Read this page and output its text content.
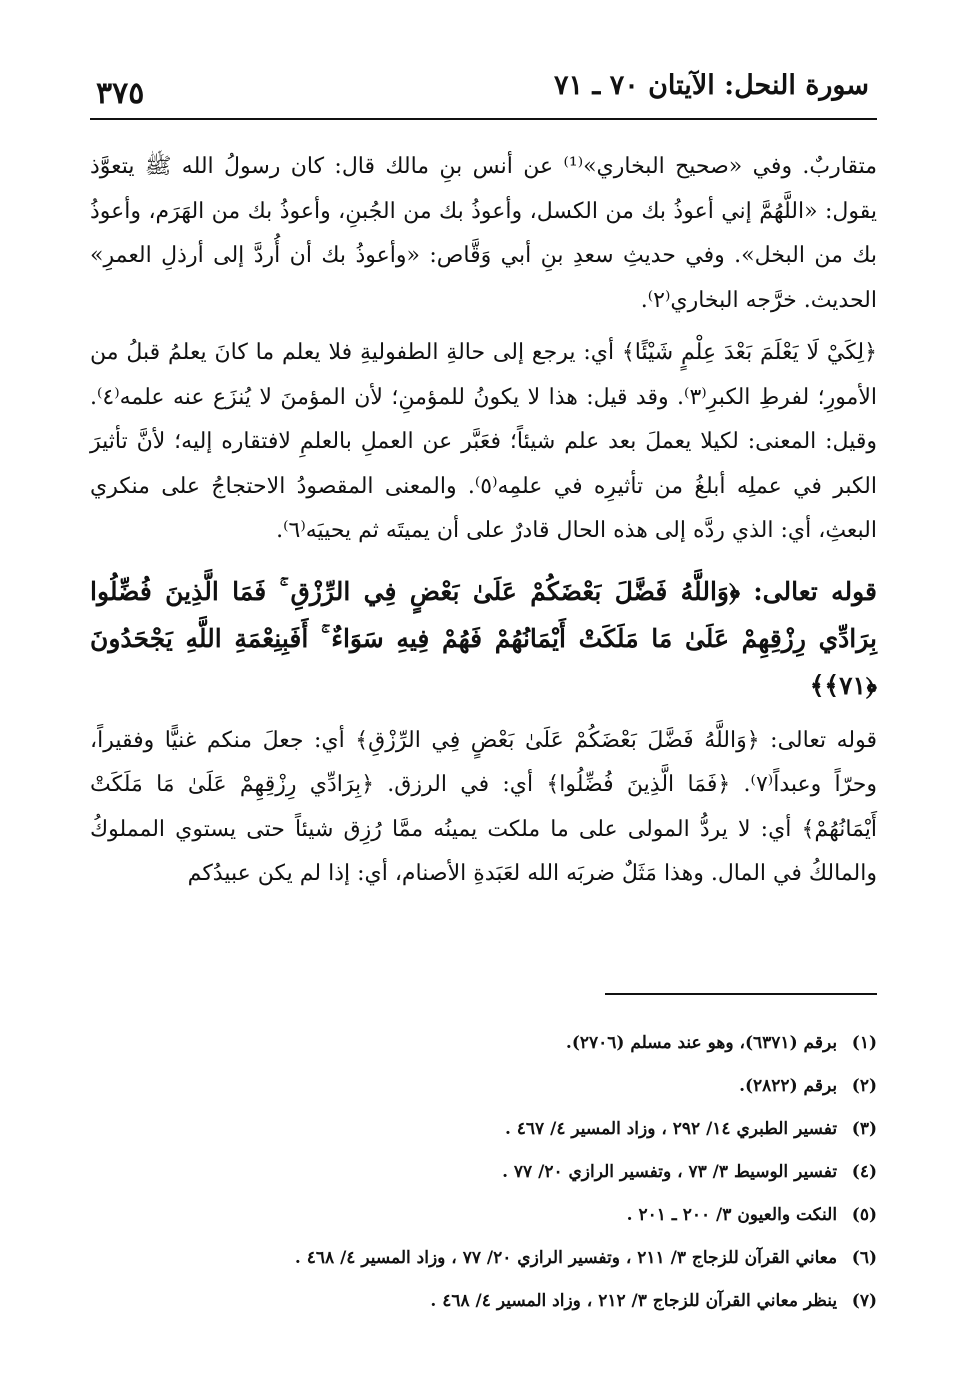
سورة النحل: الآيتان ٧٠ ـ ٧١
٣٧٥

متقاربٌ. وفي «صحيح البخاري»⁽¹⁾ عن أنس بنِ مالك قال: كان رسولُ الله ﷺ يتعوَّذ يقول: «اللَّهُمَّ إني أعوذُ بك من الكسل، وأعوذُ بك من الجُبنِ، وأعوذُ بك من الهَرَم، وأعوذُ بك من البخل». وفي حديثِ سعدِ بنِ أبي وَقَّاص: «وأعوذُ بك أن أُردَّ إلى أرذلِ العمرِ» الحديث. خرَّجه البخاري⁽٢⁾.

﴿لِكَيْ لَا يَعْلَمَ بَعْدَ عِلْمٍ شَيْئًا﴾ أي: يرجع إلى حالةِ الطفوليةِ فلا يعلم ما كانَ يعلمُ قبلُ من الأمورِ؛ لفرطِ الكبرِ⁽٣⁾. وقد قيل: هذا لا يكونُ للمؤمنِ؛ لأن المؤمنَ لا يُنزَع عنه علمه⁽٤⁾. وقيل: المعنى: لكيلا يعملَ بعد علم شيئاً؛ فعَبَّر عن العملِ بالعلمِ لافتقاره إليه؛ لأنَّ تأثيرَ الكبر في عملِه أبلغُ من تأثيرِه في علمِه⁽٥⁾. والمعنى المقصودُ الاحتجاجُ على منكري البعثِ، أي: الذي ردَّه إلى هذه الحال قادرٌ على أن يميتَه ثم يحييَه⁽٦⁾.

قوله تعالى: ﴿وَاللَّهُ فَضَّلَ بَعْضَكُمْ عَلَىٰ بَعْضٍ فِي الرِّزْقِ ۚ فَمَا الَّذِينَ فُضِّلُوا بِرَادِّي رِزْقِهِمْ عَلَىٰ مَا مَلَكَتْ أَيْمَانُهُمْ فَهُمْ فِيهِ سَوَاءٌ ۚ أَفَبِنِعْمَةِ اللَّهِ يَجْحَدُونَ ﴿٧١﴾﴾

قوله تعالى: ﴿وَاللَّهُ فَضَّلَ بَعْضَكُمْ عَلَىٰ بَعْضٍ فِي الرِّزْقِ﴾ أي: جعلَ منكم غنيًّا وفقيراً، وحرّاً وعبداً⁽٧⁾. ﴿فَمَا الَّذِينَ فُضِّلُوا﴾ أي: في الرزق. ﴿بِرَادِّي رِزْقِهِمْ عَلَىٰ مَا مَلَكَتْ أَيْمَانُهُمْ﴾ أي: لا يردُّ المولى على ما ملكت يمينُه ممَّا رُزِق شيئاً حتى يستوي المملوكُ والمالكُ في المال. وهذا مَثَلٌ ضربَه الله لعَبَدةِ الأصنام، أي: إذا لم يكن عبيدُكم

(١) برقم (٦٣٧١)، وهو عند مسلم (٢٧٠٦).
(٢) برقم (٢٨٢٢).
(٣) تفسير الطبري ١٤/ ٢٩٢ ، وزاد المسير ٤/ ٤٦٧ .
(٤) تفسير الوسيط ٣/ ٧٣ ، وتفسير الرازي ٢٠/ ٧٧ .
(٥) النكت والعيون ٣/ ٢٠٠ ـ ٢٠١ .
(٦) معاني القرآن للزجاج ٣/ ٢١١ ، وتفسير الرازي ٢٠/ ٧٧ ، وزاد المسير ٤/ ٤٦٨ .
(٧) ينظر معاني القرآن للزجاج ٣/ ٢١٢ ، وزاد المسير ٤/ ٤٦٨ .
